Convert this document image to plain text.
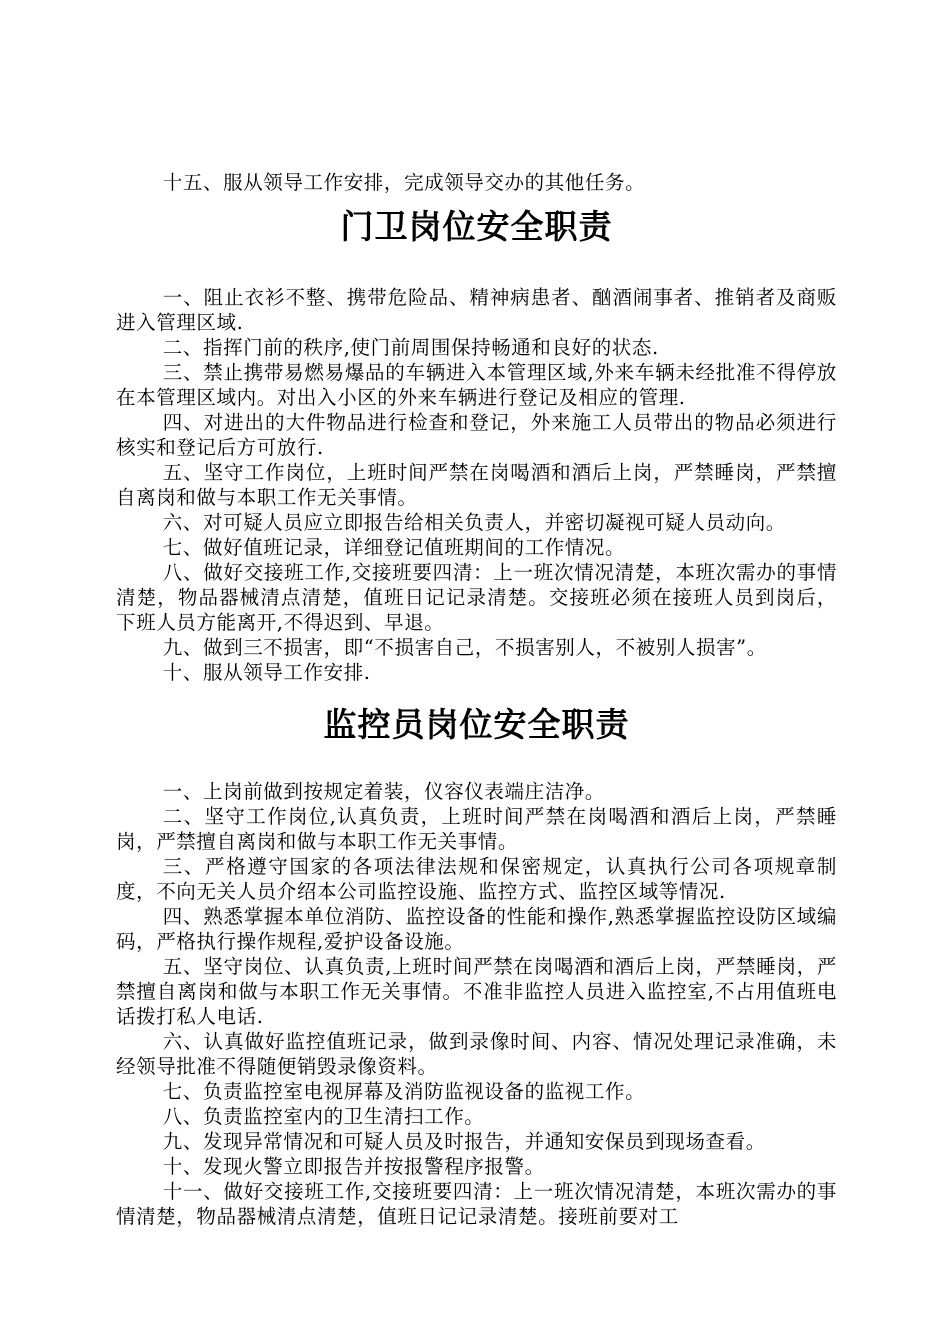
十五、服从领导工作安排，完成领导交办的其他任务。

门卫岗位安全职责

一、阻止衣衫不整、携带危险品、精神病患者、酗酒闹事者、推销者及商贩进入管理区域.

二、指挥门前的秩序,使门前周围保持畅通和良好的状态.

三、禁止携带易燃易爆品的车辆进入本管理区域,外来车辆未经批准不得停放在本管理区域内。对出入小区的外来车辆进行登记及相应的管理.

四、对进出的大件物品进行检查和登记，外来施工人员带出的物品必须进行核实和登记后方可放行.

五、坚守工作岗位，上班时间严禁在岗喝酒和酒后上岗，严禁睡岗，严禁擅自离岗和做与本职工作无关事情。

六、对可疑人员应立即报告给相关负责人，并密切凝视可疑人员动向。

七、做好值班记录，详细登记值班期间的工作情况。

八、做好交接班工作,交接班要四清：上一班次情况清楚，本班次需办的事情清楚，物品器械清点清楚，值班日记记录清楚。交接班必须在接班人员到岗后，下班人员方能离开,不得迟到、早退。

九、做到三不损害，即“不损害自己，不损害别人，不被别人损害”。

十、服从领导工作安排.

监控员岗位安全职责

一、上岗前做到按规定着装，仪容仪表端庄洁净。

二、坚守工作岗位,认真负责，上班时间严禁在岗喝酒和酒后上岗，严禁睡岗，严禁擅自离岗和做与本职工作无关事情。

三、严格遵守国家的各项法律法规和保密规定，认真执行公司各项规章制度，不向无关人员介绍本公司监控设施、监控方式、监控区域等情况.

四、熟悉掌握本单位消防、监控设备的性能和操作,熟悉掌握监控设防区域编码，严格执行操作规程,爱护设备设施。

五、坚守岗位、认真负责,上班时间严禁在岗喝酒和酒后上岗，严禁睡岗，严禁擅自离岗和做与本职工作无关事情。不准非监控人员进入监控室,不占用值班电话拨打私人电话.

六、认真做好监控值班记录，做到录像时间、内容、情况处理记录准确，未经领导批准不得随便销毁录像资料。

七、负责监控室电视屏幕及消防监视设备的监视工作。

八、负责监控室内的卫生清扫工作。

九、发现异常情况和可疑人员及时报告，并通知安保员到现场查看。

十、发现火警立即报告并按报警程序报警。

十一、做好交接班工作,交接班要四清：上一班次情况清楚，本班次需办的事情清楚，物品器械清点清楚，值班日记记录清楚。接班前要对工
